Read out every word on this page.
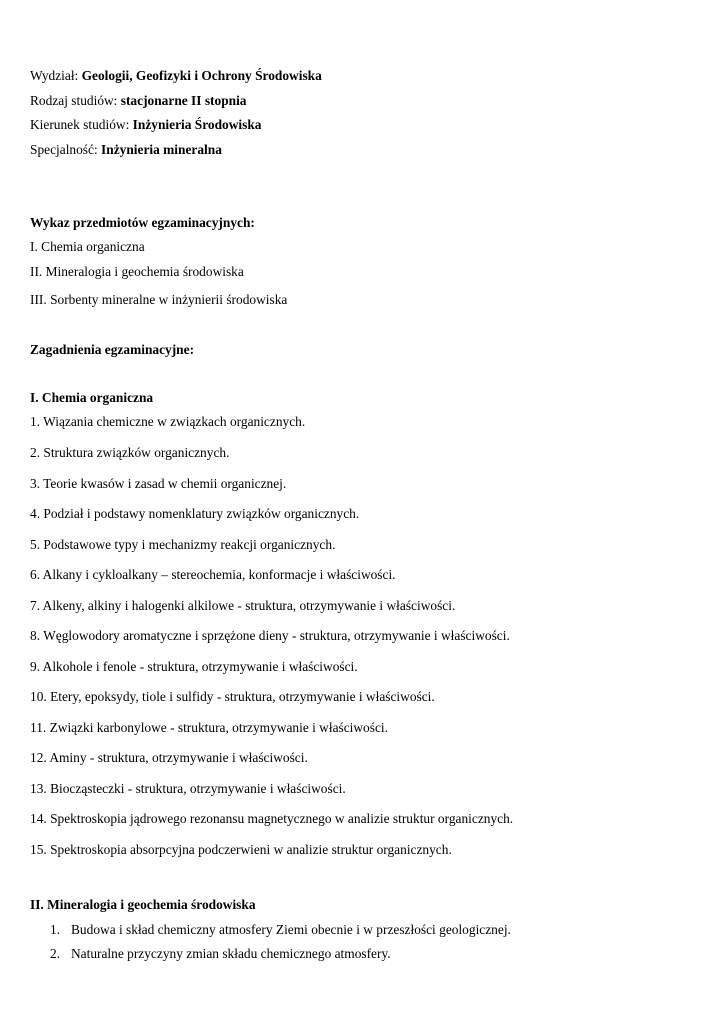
Wydział: Geologii, Geofizyki i Ochrony Środowiska
Rodzaj studiów: stacjonarne II stopnia
Kierunek studiów: Inżynieria Środowiska
Specjalność: Inżynieria mineralna
Wykaz przedmiotów egzaminacyjnych:
I. Chemia organiczna
II. Mineralogia i geochemia środowiska
III. Sorbenty mineralne w inżynierii środowiska
Zagadnienia egzaminacyjne:
I. Chemia organiczna
1. Wiązania chemiczne w związkach organicznych.
2. Struktura związków organicznych.
3. Teorie kwasów i zasad w chemii organicznej.
4. Podział i podstawy nomenklatury związków organicznych.
5. Podstawowe typy i mechanizmy reakcji organicznych.
6. Alkany i cykloalkany – stereochemia, konformacje i właściwości.
7. Alkeny, alkiny i halogenki alkilowe - struktura, otrzymywanie i właściwości.
8. Węglowodory aromatyczne i sprzężone dieny - struktura, otrzymywanie i właściwości.
9. Alkohole i fenole - struktura, otrzymywanie i właściwości.
10. Etery, epoksydy, tiole i sulfidy - struktura, otrzymywanie i właściwości.
11. Związki karbonylowe - struktura, otrzymywanie i właściwości.
12. Aminy - struktura, otrzymywanie i właściwości.
13. Biocząsteczki - struktura, otrzymywanie i właściwości.
14. Spektroskopia jądrowego rezonansu magnetycznego w analizie struktur organicznych.
15. Spektroskopia absorpcyjna podczerwieni w analizie struktur organicznych.
II. Mineralogia i geochemia środowiska
1. Budowa i skład chemiczny atmosfery Ziemi obecnie i w przeszłości geologicznej.
2. Naturalne przyczyny zmian składu chemicznego atmosfery.
